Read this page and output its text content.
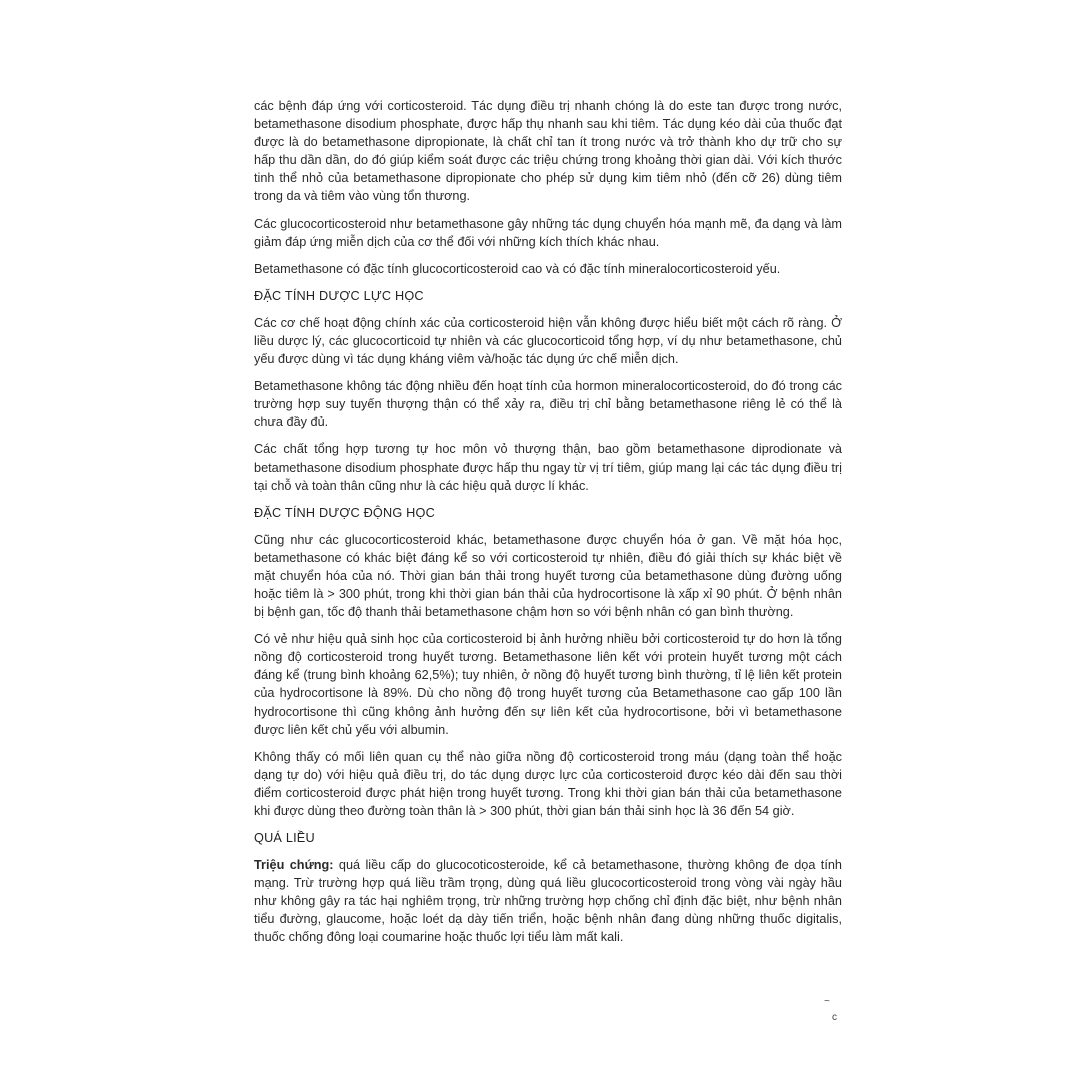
các bệnh đáp ứng với corticosteroid. Tác dụng điều trị nhanh chóng là do este tan được trong nước, betamethasone disodium phosphate, được hấp thụ nhanh sau khi tiêm. Tác dụng kéo dài của thuốc đạt được là do betamethasone dipropionate, là chất chỉ tan ít trong nước và trở thành kho dự trữ cho sự hấp thu dần dần, do đó giúp kiểm soát được các triệu chứng trong khoảng thời gian dài. Với kích thước tinh thể nhỏ của betamethasone dipropionate cho phép sử dụng kim tiêm nhỏ (đến cỡ 26) dùng tiêm trong da và tiêm vào vùng tổn thương.

Các glucocorticosteroid như betamethasone gây những tác dụng chuyển hóa mạnh mẽ, đa dạng và làm giảm đáp ứng miễn dịch của cơ thể đối với những kích thích khác nhau.

Betamethasone có đặc tính glucocorticosteroid cao và có đặc tính mineralocorticosteroid yếu.

ĐẶC TÍNH DƯỢC LỰC HỌC

Các cơ chế hoạt động chính xác của corticosteroid hiện vẫn không được hiểu biết một cách rõ ràng. Ở liều dược lý, các glucocorticoid tự nhiên và các glucocorticoid tổng hợp, ví dụ như betamethasone, chủ yếu được dùng vì tác dụng kháng viêm và/hoặc tác dụng ức chế miễn dịch.

Betamethasone không tác động nhiều đến hoạt tính của hormon mineralocorticosteroid, do đó trong các trường hợp suy tuyến thượng thận có thể xảy ra, điều trị chỉ bằng betamethasone riêng lẻ có thể là chưa đầy đủ.

Các chất tổng hợp tương tự hoc môn vỏ thượng thận, bao gồm betamethasone diprodionate và betamethasone disodium phosphate được hấp thu ngay từ vị trí tiêm, giúp mang lại các tác dụng điều trị tại chỗ và toàn thân cũng như là các hiệu quả dược lí khác.

ĐẶC TÍNH DƯỢC ĐỘNG HỌC

Cũng như các glucocorticosteroid khác, betamethasone được chuyển hóa ở gan. Về mặt hóa học, betamethasone có khác biệt đáng kể so với corticosteroid tự nhiên, điều đó giải thích sự khác biệt về mặt chuyển hóa của nó. Thời gian bán thải trong huyết tương của betamethasone dùng đường uống hoặc tiêm là > 300 phút, trong khi thời gian bán thải của hydrocortisone là xấp xỉ 90 phút. Ở bệnh nhân bị bệnh gan, tốc độ thanh thải betamethasone chậm hơn so với bệnh nhân có gan bình thường.

Có vẻ như hiệu quả sinh học của corticosteroid bị ảnh hưởng nhiều bởi corticosteroid tự do hơn là tổng nồng độ corticosteroid trong huyết tương. Betamethasone liên kết với protein huyết tương một cách đáng kể (trung bình khoảng 62,5%); tuy nhiên, ở nồng độ huyết tương bình thường, tỉ lệ liên kết protein của hydrocortisone là 89%. Dù cho nồng độ trong huyết tương của Betamethasone cao gấp 100 lần hydrocortisone thì cũng không ảnh hưởng đến sự liên kết của hydrocortisone, bởi vì betamethasone được liên kết chủ yếu với albumin.

Không thấy có mối liên quan cụ thể nào giữa nồng độ corticosteroid trong máu (dạng toàn thể hoặc dạng tự do) với hiệu quả điều trị, do tác dụng dược lực của corticosteroid được kéo dài đến sau thời điểm corticosteroid được phát hiện trong huyết tương. Trong khi thời gian bán thải của betamethasone khi được dùng theo đường toàn thân là > 300 phút, thời gian bán thải sinh học là 36 đến 54 giờ.

QUÁ LIỀU

Triệu chứng: quá liều cấp do glucocoticosteroide, kể cả betamethasone, thường không đe dọa tính mạng. Trừ trường hợp quá liều trầm trọng, dùng quá liều glucocorticosteroid trong vòng vài ngày hầu như không gây ra tác hại nghiêm trọng, trừ những trường hợp chống chỉ định đặc biệt, như bệnh nhân tiểu đường, glaucome, hoặc loét dạ dày tiến triển, hoặc bệnh nhân đang dùng những thuốc digitalis, thuốc chống đông loại coumarine hoặc thuốc lợi tiểu làm mất kali.

~
c
